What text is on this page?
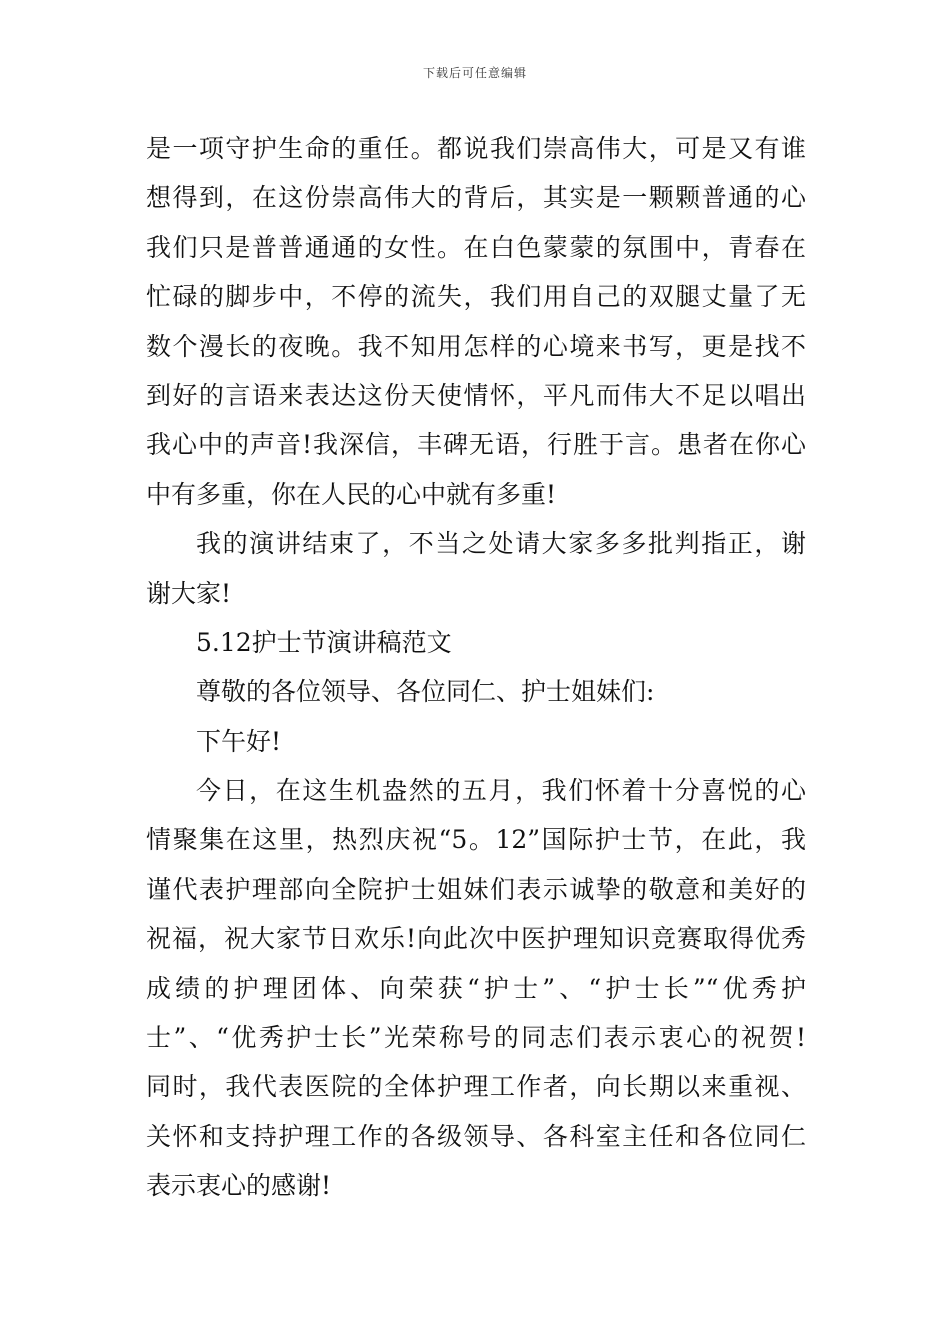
下载后可任意编辑
是一项守护生命的重任。都说我们崇高伟大，可是又有谁
想得到，在这份崇高伟大的背后，其实是一颗颗普通的心
我们只是普普通通的女性。在白色蒙蒙的氛围中，青春在
忙碌的脚步中，不停的流失，我们用自己的双腿丈量了无
数个漫长的夜晚。我不知用怎样的心境来书写，更是找不
到好的言语来表达这份天使情怀，平凡而伟大不足以唱出
我心中的声音!我深信，丰碑无语，行胜于言。患者在你心
中有多重，你在人民的心中就有多重!
我的演讲结束了，不当之处请大家多多批判指正，谢
谢大家!
5.12护士节演讲稿范文
尊敬的各位领导、各位同仁、护士姐妹们:
下午好!
今日，在这生机盎然的五月，我们怀着十分喜悦的心
情聚集在这里，热烈庆祝“5。12”国际护士节，在此，我
谨代表护理部向全院护士姐妹们表示诚挚的敬意和美好的
祝福，祝大家节日欢乐!向此次中医护理知识竞赛取得优秀
成绩的护理团体、向荣获“护士”、“护士长”“优秀护
士”、“优秀护士长”光荣称号的同志们表示衷心的祝贺!
同时，我代表医院的全体护理工作者，向长期以来重视、
关怀和支持护理工作的各级领导、各科室主任和各位同仁
表示衷心的感谢!
